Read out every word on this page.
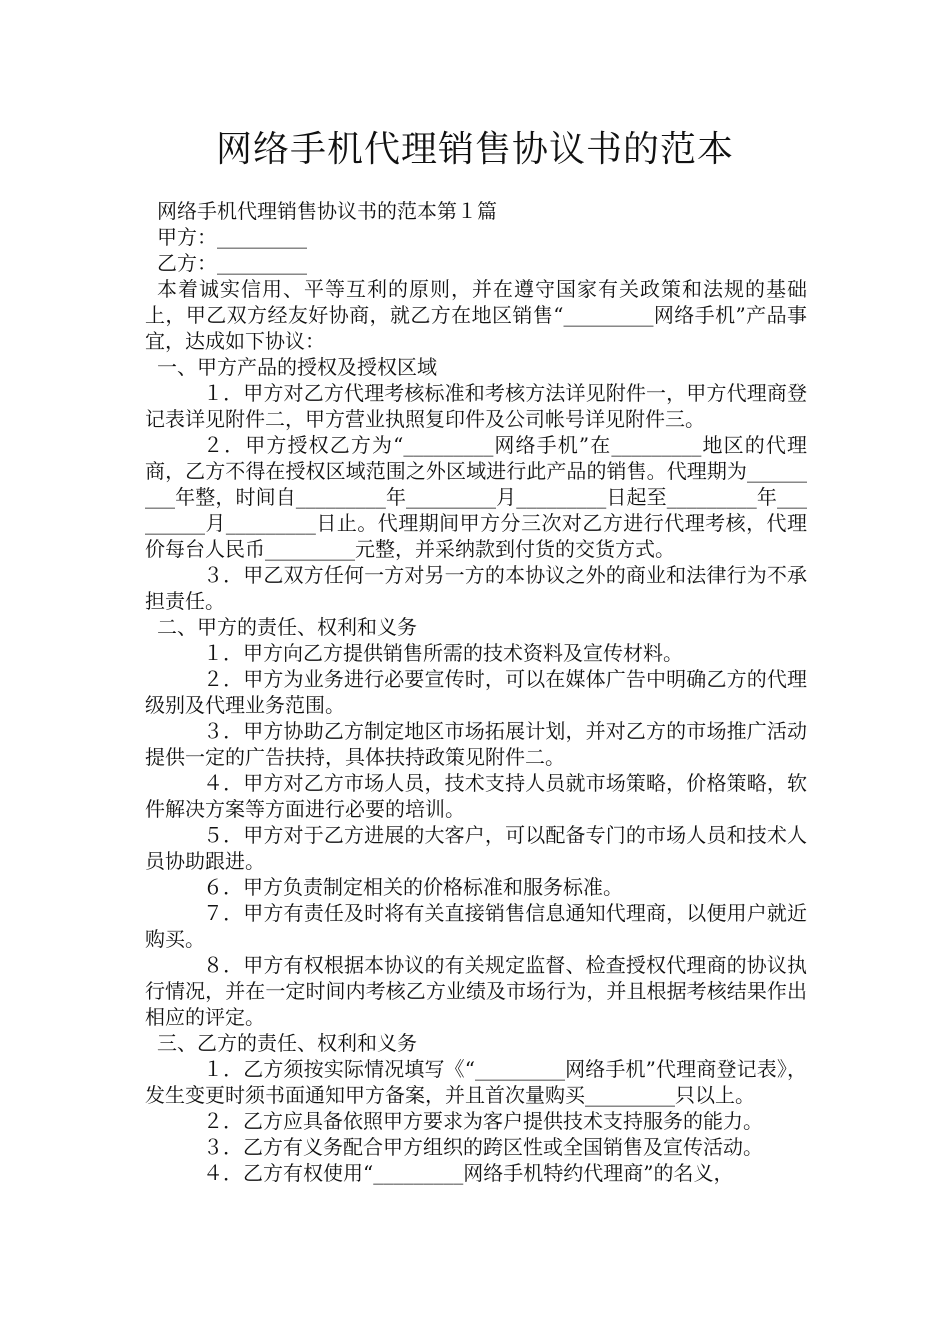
网络手机代理销售协议书的范本

网络手机代理销售协议书的范本第１篇

甲方：_________

乙方：_________

本着诚实信用、平等互利的原则，并在遵守国家有关政策和法规的基础上，甲乙双方经友好协商，就乙方在地区销售“_________网络手机”产品事宜，达成如下协议：

一、甲方产品的授权及授权区域

１．甲方对乙方代理考核标准和考核方法详见附件一，甲方代理商登记表详见附件二，甲方营业执照复印件及公司帐号详见附件三。

２．甲方授权乙方为“_________网络手机”在_________地区的代理商，乙方不得在授权区域范围之外区域进行此产品的销售。代理期为_________年整，时间自_________年_________月_________日起至_________年_________月_________日止。代理期间甲方分三次对乙方进行代理考核，代理价每台人民币_________元整，并采纳款到付货的交货方式。

３．甲乙双方任何一方对另一方的本协议之外的商业和法律行为不承担责任。

二、甲方的责任、权利和义务

１．甲方向乙方提供销售所需的技术资料及宣传材料。

２．甲方为业务进行必要宣传时，可以在媒体广告中明确乙方的代理级别及代理业务范围。

３．甲方协助乙方制定地区市场拓展计划，并对乙方的市场推广活动提供一定的广告扶持，具体扶持政策见附件二。

４．甲方对乙方市场人员，技术支持人员就市场策略，价格策略，软件解决方案等方面进行必要的培训。

５．甲方对于乙方进展的大客户，可以配备专门的市场人员和技术人员协助跟进。

６．甲方负责制定相关的价格标准和服务标准。

７．甲方有责任及时将有关直接销售信息通知代理商，以便用户就近购买。

８．甲方有权根据本协议的有关规定监督、检查授权代理商的协议执行情况，并在一定时间内考核乙方业绩及市场行为，并且根据考核结果作出相应的评定。

三、乙方的责任、权利和义务

１．乙方须按实际情况填写《“_________网络手机”代理商登记表》，发生变更时须书面通知甲方备案，并且首次量购买_________只以上。

２．乙方应具备依照甲方要求为客户提供技术支持服务的能力。

３．乙方有义务配合甲方组织的跨区性或全国销售及宣传活动。

４．乙方有权使用“_________网络手机特约代理商”的名义，
